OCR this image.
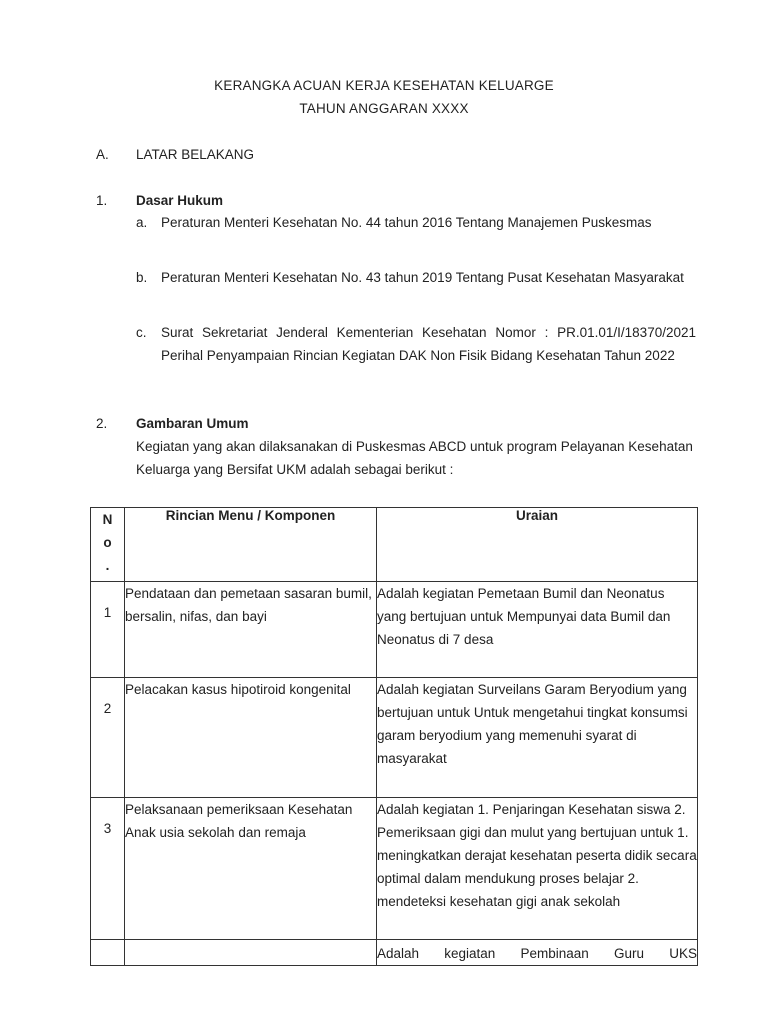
KERANGKA ACUAN KERJA KESEHATAN KELUARGE
TAHUN ANGGARAN XXXX
A. LATAR BELAKANG
1. Dasar Hukum
a. Peraturan Menteri Kesehatan No. 44 tahun 2016 Tentang Manajemen Puskesmas
b. Peraturan Menteri Kesehatan No. 43 tahun 2019 Tentang Pusat Kesehatan Masyarakat
c. Surat Sekretariat Jenderal Kementerian Kesehatan Nomor : PR.01.01/I/18370/2021 Perihal Penyampaian Rincian Kegiatan DAK Non Fisik Bidang Kesehatan Tahun 2022
2. Gambaran Umum
Kegiatan yang akan dilaksanakan di Puskesmas ABCD untuk program Pelayanan Kesehatan Keluarga yang Bersifat UKM adalah sebagai berikut :
N
o
.	Rincian Menu / Komponen	Uraian
1	Pendataan dan pemetaan sasaran bumil, bersalin, nifas, dan bayi	Adalah kegiatan Pemetaan Bumil dan Neonatus yang bertujuan untuk Mempunyai data Bumil dan Neonatus di 7 desa
2	Pelacakan kasus hipotiroid kongenital	Adalah kegiatan Surveilans Garam Beryodium yang bertujuan untuk Untuk mengetahui tingkat konsumsi garam beryodium yang memenuhi syarat di masyarakat
3	Pelaksanaan pemeriksaan Kesehatan Anak usia sekolah dan remaja	Adalah kegiatan 1. Penjaringan Kesehatan siswa 2. Pemeriksaan gigi dan mulut yang bertujuan untuk 1. meningkatkan derajat kesehatan peserta didik secara optimal dalam mendukung proses belajar 2. mendeteksi kesehatan gigi anak sekolah
		Adalah kegiatan Pembinaan Guru UKS
